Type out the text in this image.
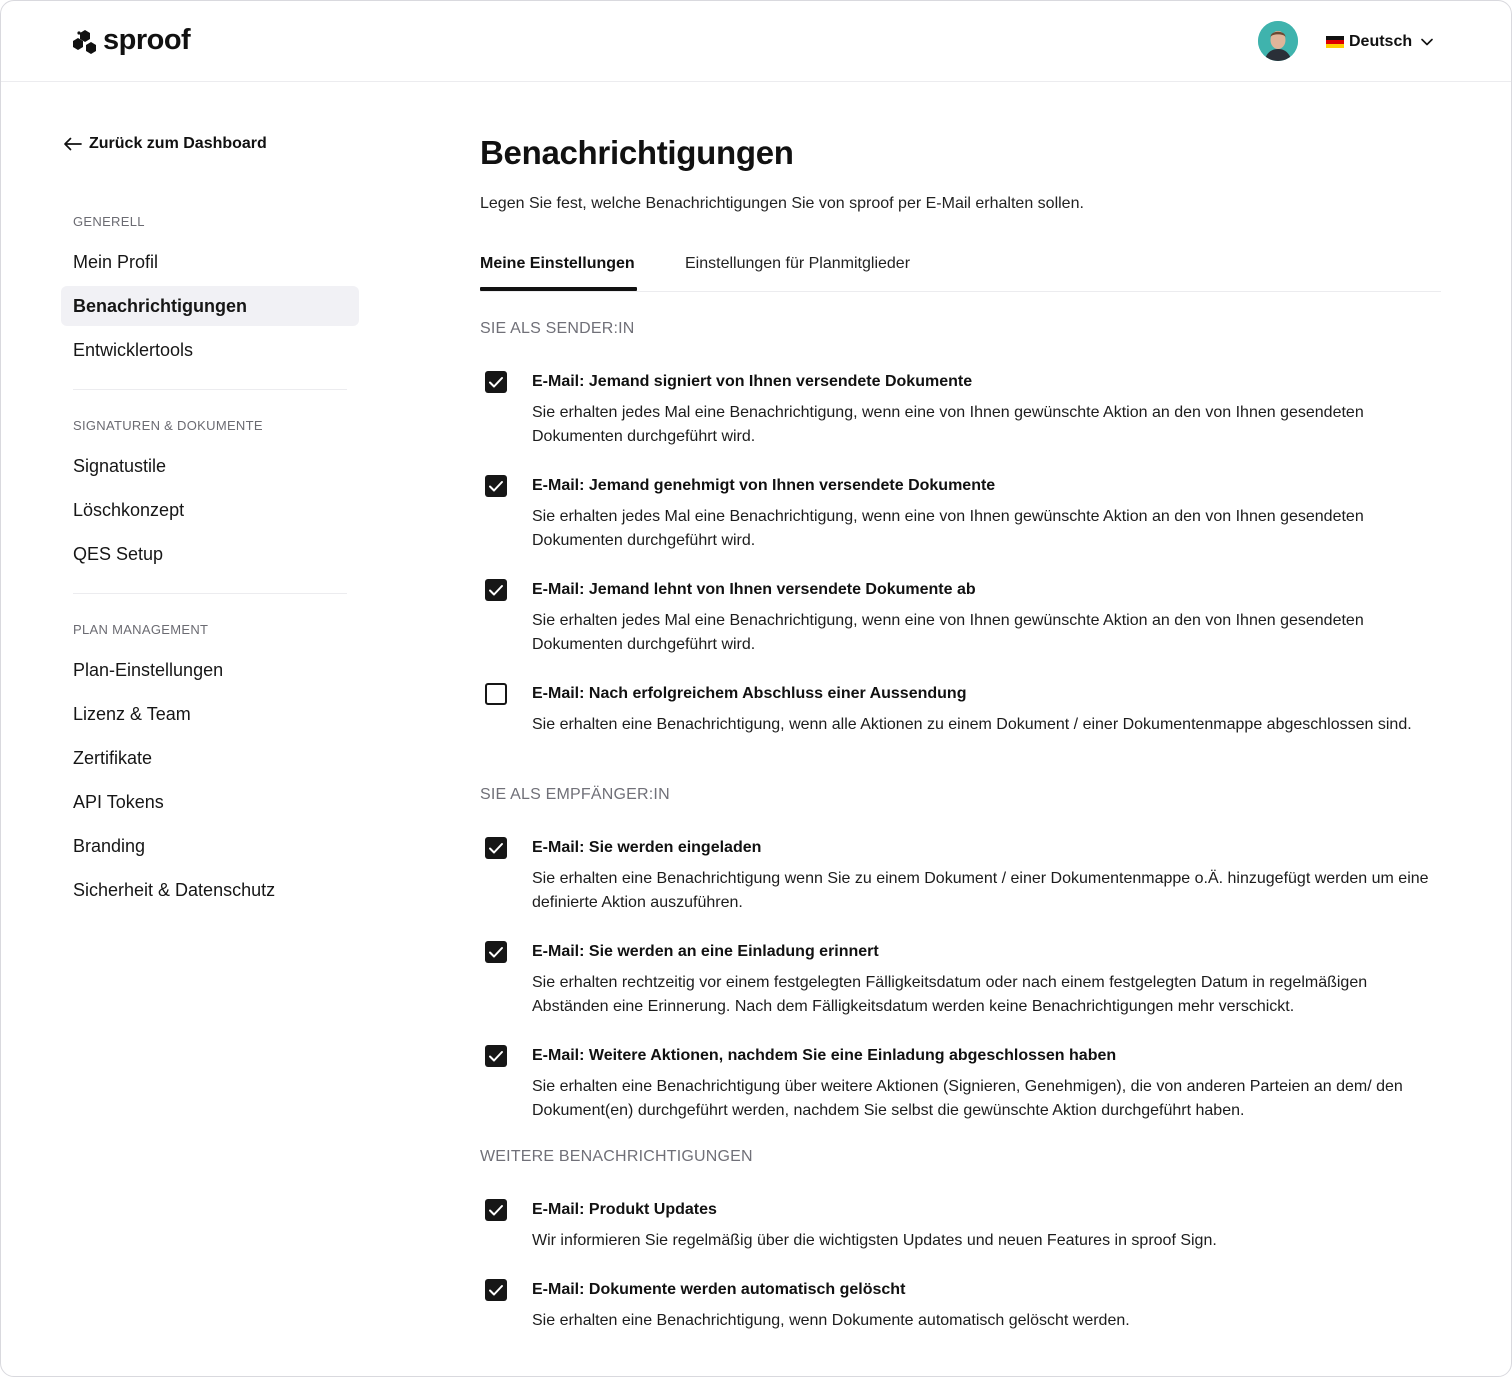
sproof	Deutsch
Zurück zum Dashboard
GENERELL
Mein Profil
Benachrichtigungen
Entwicklertools
SIGNATUREN & DOKUMENTE
Signatustile
Löschkonzept
QES Setup
PLAN MANAGEMENT
Plan-Einstellungen
Lizenz & Team
Zertifikate
API Tokens
Branding
Sicherheit & Datenschutz
Benachrichtigungen
Legen Sie fest, welche Benachrichtigungen Sie von sproof per E-Mail erhalten sollen.
Meine Einstellungen	Einstellungen für Planmitglieder
SIE ALS SENDER:IN
E-Mail: Jemand signiert von Ihnen versendete Dokumente
Sie erhalten jedes Mal eine Benachrichtigung, wenn eine von Ihnen gewünschte Aktion an den von Ihnen gesendeten Dokumenten durchgeführt wird.
E-Mail: Jemand genehmigt von Ihnen versendete Dokumente
Sie erhalten jedes Mal eine Benachrichtigung, wenn eine von Ihnen gewünschte Aktion an den von Ihnen gesendeten Dokumenten durchgeführt wird.
E-Mail: Jemand lehnt von Ihnen versendete Dokumente ab
Sie erhalten jedes Mal eine Benachrichtigung, wenn eine von Ihnen gewünschte Aktion an den von Ihnen gesendeten Dokumenten durchgeführt wird.
E-Mail: Nach erfolgreichem Abschluss einer Aussendung
Sie erhalten eine Benachrichtigung, wenn alle Aktionen zu einem Dokument / einer Dokumentenmappe abgeschlossen sind.
SIE ALS EMPFÄNGER:IN
E-Mail: Sie werden eingeladen
Sie erhalten eine Benachrichtigung wenn Sie zu einem Dokument / einer Dokumentenmappe o.Ä. hinzugefügt werden um eine definierte Aktion auszuführen.
E-Mail: Sie werden an eine Einladung erinnert
Sie erhalten rechtzeitig vor einem festgelegten Fälligkeitsdatum oder nach einem festgelegten Datum in regelmäßigen Abständen eine Erinnerung. Nach dem Fälligkeitsdatum werden keine Benachrichtigungen mehr verschickt.
E-Mail: Weitere Aktionen, nachdem Sie eine Einladung abgeschlossen haben
Sie erhalten eine Benachrichtigung über weitere Aktionen (Signieren, Genehmigen), die von anderen Parteien an dem/ den Dokument(en) durchgeführt werden, nachdem Sie selbst die gewünschte Aktion durchgeführt haben.
WEITERE BENACHRICHTIGUNGEN
E-Mail: Produkt Updates
Wir informieren Sie regelmäßig über die wichtigsten Updates und neuen Features in sproof Sign.
E-Mail: Dokumente werden automatisch gelöscht
Sie erhalten eine Benachrichtigung, wenn Dokumente automatisch gelöscht werden.
